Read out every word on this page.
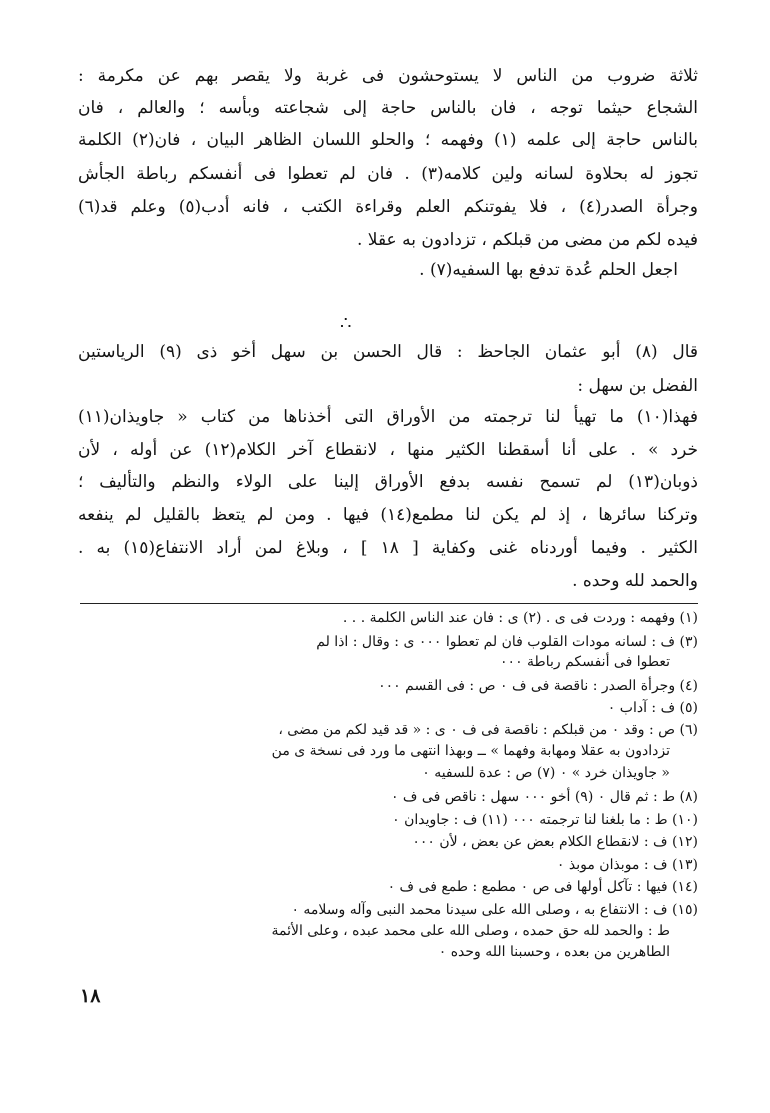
ثلاثة ضروب من الناس لا يستوحشون فى غربة ولا يقصر بهم عن مكرمة :
الشجاع حيثما توجه ، فان بالناس حاجة إلى شجاعته وبأسه ؛ والعالم ، فان
بالناس حاجة إلى علمه (١) وفهمه ؛ والحلو اللسان الظاهر البيان ، فان(٢) الكلمة
تجوز له بحلاوة لسانه ولين كلامه(٣) . فان لم تعطوا فى أنفسكم رباطة الجأش
وجرأة الصدر(٤) ، فلا يفوتنكم العلم وقراءة الكتب ، فانه أدب(٥) وعلم قد(٦)
فيده لكم من مضى من قبلكم ، تزدادون به عقلا .
اجعل الحلم عُدة تدفع بها السفيه(٧) .
∴
قال (٨) أبو عثمان الجاحظ : قال الحسن بن سهل أخو ذى (٩) الرياستين
الفضل بن سهل :
فهذا(١٠) ما تهيأ لنا ترجمته من الأوراق التى أخذناها من كتاب « جاويذان(١١)
خرد » . على أنا أسقطنا الكثير منها ، لانقطاع آخر الكلام(١٢) عن أوله ، لأن
ذوبان(١٣) لم تسمح نفسه بدفع الأوراق إلينا على الولاء والنظم والتأليف ؛
وتركنا سائرها ، إذ لم يكن لنا مطمع(١٤) فيها . ومن لم يتعظ بالقليل لم ينفعه
الكثير . وفيما أوردناه غنى وكفاية [ ١٨ ] ، وبلاغ لمن أراد الانتفاع(١٥) به .
والحمد لله وحده .
(١) وفهمه : وردت فى ى . (٢) ى : فان عند الناس الكلمة . . .
(٣) ف : لسانه مودات القلوب فان لم تعطوا ٠٠٠ ى : وقال : اذا لم
تعطوا فى أنفسكم رباطة ٠٠٠
(٤) وجرأة الصدر : ناقصة فى ف ٠ ص : فى القسم ٠٠٠
(٥) ف : آداب ٠
(٦) ص : وقد ٠ من قبلكم : ناقصة فى ف ٠ ى : « قد قيد لكم من مضى ،
تزدادون به عقلا ومهابة وفهما » ــ وبهذا انتهى ما ورد فى نسخة ى من
« جاويذان خرد » ٠ (٧) ص : عدة للسفيه ٠
(٨) ط : ثم قال ٠ (٩) أخو ٠٠٠ سهل : ناقص فى ف ٠
(١٠) ط : ما بلغنا لنا ترجمته ٠٠٠ (١١) ف : جاويدان ٠
(١٢) ف : لانقطاع الكلام بعض عن بعض ، لأن ٠٠٠
(١٣) ف : موبذان موبذ ٠
(١٤) فيها : تآكل أولها فى ص ٠ مطمع : طمع فى ف ٠
(١٥) ف : الانتفاع به ، وصلى الله على سيدنا محمد النبى وآله وسلامه ٠
ط : والحمد لله حق حمده ، وصلى الله على محمد عبده ، وعلى الأئمة
الطاهرين من بعده ، وحسبنا الله وحده ٠
١٨
